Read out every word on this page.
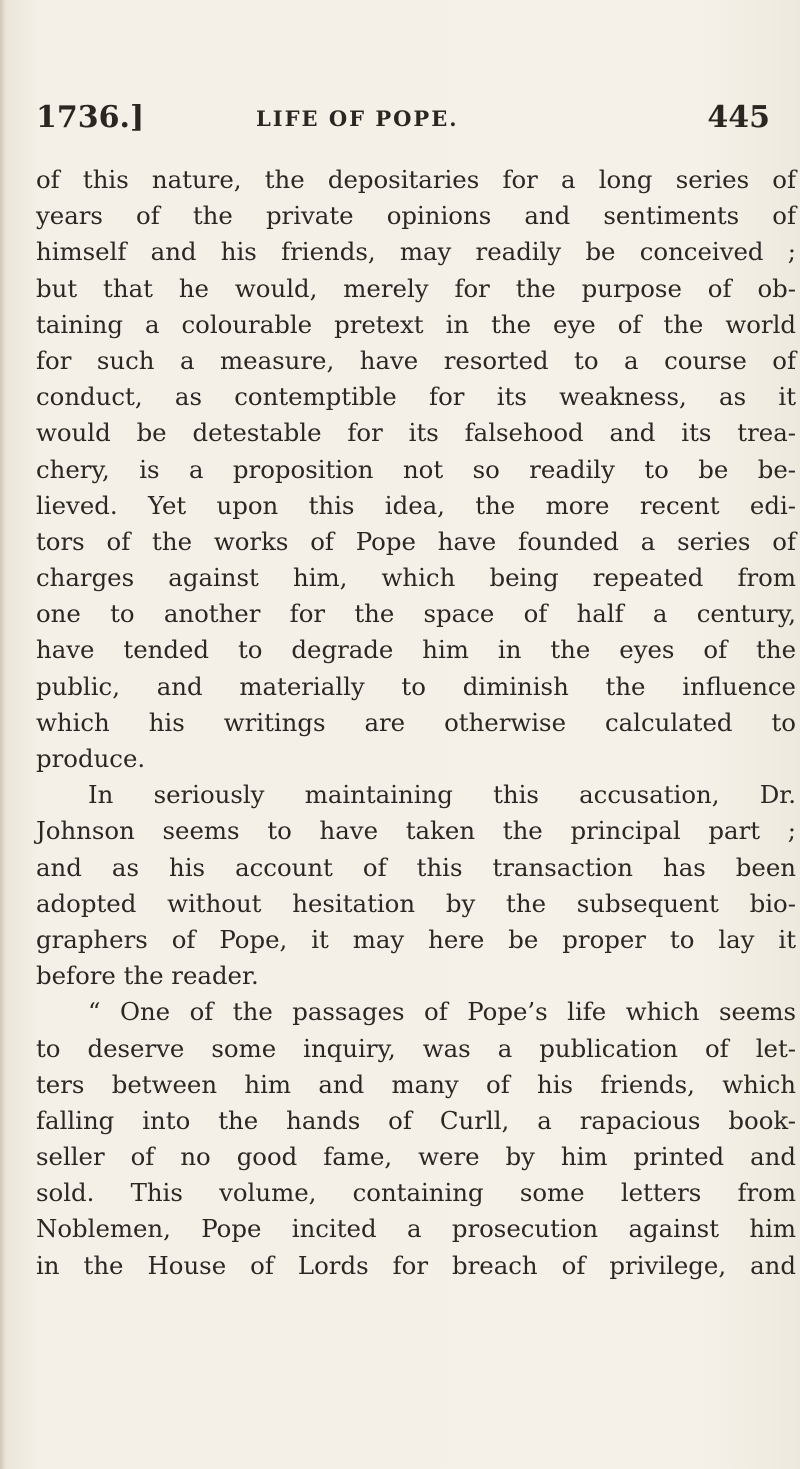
1736.]	LIFE OF POPE.	445
of this nature, the depositaries for a long series of
years of the private opinions and sentiments of
himself and his friends, may readily be conceived ;
but that he would, merely for the purpose of ob-
taining a colourable pretext in the eye of the world
for such a measure, have resorted to a course of
conduct, as contemptible for its weakness, as it
would be detestable for its falsehood and its trea-
chery, is a proposition not so readily to be be-
lieved. Yet upon this idea, the more recent edi-
tors of the works of Pope have founded a series of
charges against him, which being repeated from
one to another for the space of half a century,
have tended to degrade him in the eyes of the
public, and materially to diminish the influence
which his writings are otherwise calculated to
produce.
In seriously maintaining this accusation, Dr.
Johnson seems to have taken the principal part ;
and as his account of this transaction has been
adopted without hesitation by the subsequent bio-
graphers of Pope, it may here be proper to lay it
before the reader.
“ One of the passages of Pope’s life which seems
to deserve some inquiry, was a publication of let-
ters between him and many of his friends, which
falling into the hands of Curll, a rapacious book-
seller of no good fame, were by him printed and
sold. This volume, containing some letters from
Noblemen, Pope incited a prosecution against him
in the House of Lords for breach of privilege, and
